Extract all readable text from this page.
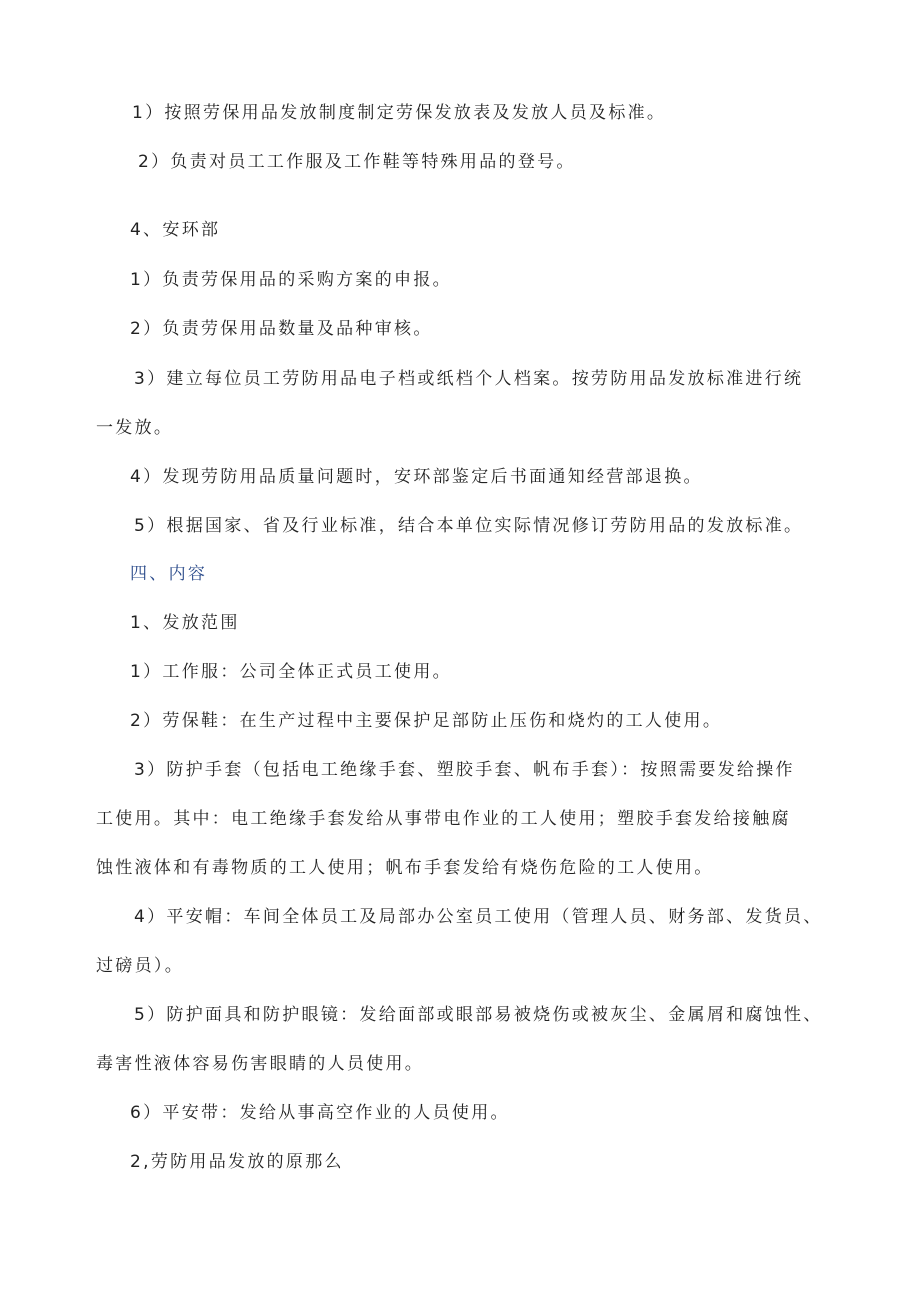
1）按照劳保用品发放制度制定劳保发放表及发放人员及标准。
2）负责对员工工作服及工作鞋等特殊用品的登号。
4、安环部
1）负责劳保用品的采购方案的申报。
2）负责劳保用品数量及品种审核。
3）建立每位员工劳防用品电子档或纸档个人档案。按劳防用品发放标准进行统
一发放。
4）发现劳防用品质量问题时，安环部鉴定后书面通知经营部退换。
5）根据国家、省及行业标准，结合本单位实际情况修订劳防用品的发放标准。
四、内容
1、发放范围
1）工作服：公司全体正式员工使用。
2）劳保鞋：在生产过程中主要保护足部防止压伤和烧灼的工人使用。
3）防护手套（包括电工绝缘手套、塑胶手套、帆布手套）：按照需要发给操作
工使用。其中：电工绝缘手套发给从事带电作业的工人使用；塑胶手套发给接触腐
蚀性液体和有毒物质的工人使用；帆布手套发给有烧伤危险的工人使用。
4）平安帽：车间全体员工及局部办公室员工使用（管理人员、财务部、发货员、
过磅员）。
5）防护面具和防护眼镜：发给面部或眼部易被烧伤或被灰尘、金属屑和腐蚀性、
毒害性液体容易伤害眼睛的人员使用。
6）平安带：发给从事高空作业的人员使用。
2,劳防用品发放的原那么
